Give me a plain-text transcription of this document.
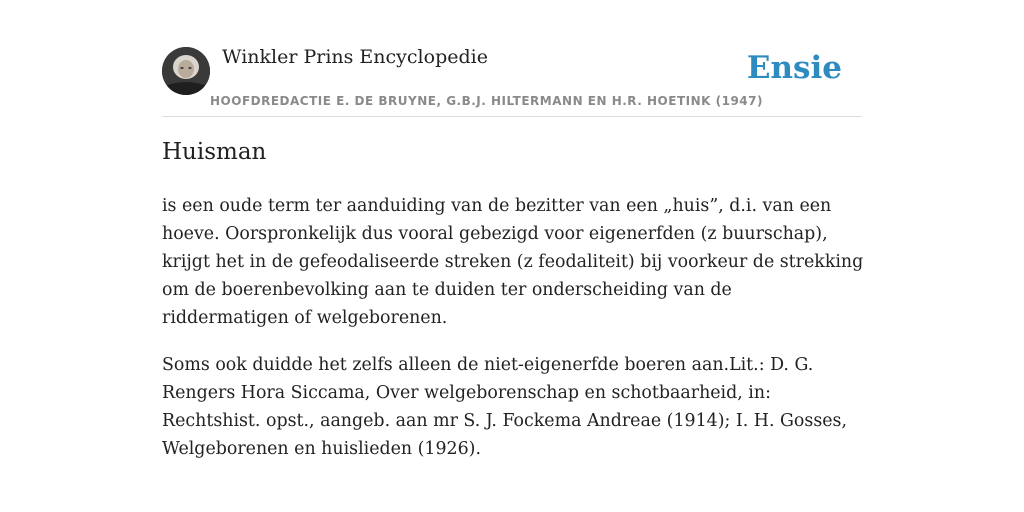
Winkler Prins Encyclopedie
HOOFDREDACTIE E. DE BRUYNE, G.B.J. HILTERMANN EN H.R. HOETINK (1947)
Ensie
Huisman

is een oude term ter aanduiding van de bezitter van een „huis”, d.i. van een hoeve. Oorspronkelijk dus vooral gebezigd voor eigenerfden (z buurschap), krijgt het in de gefeodaliseerde streken (z feodaliteit) bij voorkeur de strekking om de boerenbevolking aan te duiden ter onderscheiding van de riddermatigen of welgeborenen.

Soms ook duidde het zelfs alleen de niet-eigenerfde boeren aan.Lit.: D. G. Rengers Hora Siccama, Over welgeborenschap en schotbaarheid, in: Rechtshist. opst., aangeb. aan mr S. J. Fockema Andreae (1914); I. H. Gosses, Welgeborenen en huislieden (1926).
